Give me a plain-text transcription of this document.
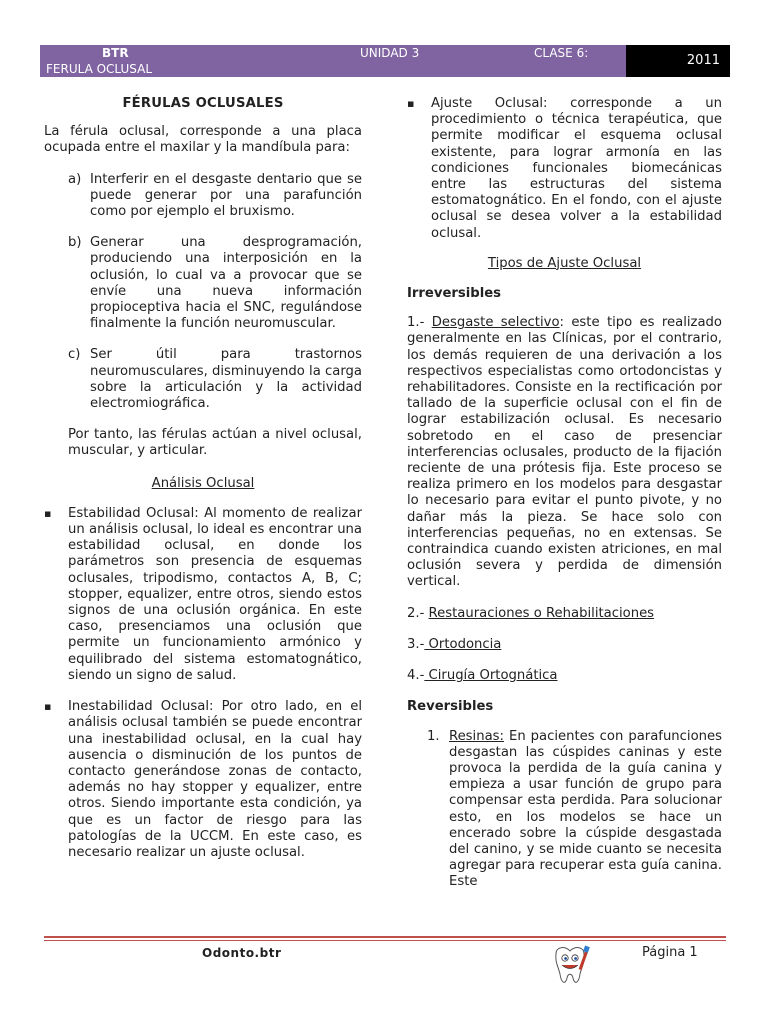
BTR
FERULA OCLUSAL
UNIDAD 3	CLASE 6:	2011

FÉRULAS OCLUSALES

La férula oclusal, corresponde a una placa ocupada entre el maxilar y la mandíbula para:

a) Interferir en el desgaste dentario que se puede generar por una parafunción como por ejemplo el bruxismo.
b) Generar una desprogramación, produciendo una interposición en la oclusión, lo cual va a provocar que se envíe una nueva información propioceptiva hacia el SNC, regulándose finalmente la función neuromuscular.
c) Ser útil para trastornos neuromusculares, disminuyendo la carga sobre la articulación y la actividad electromiográfica.

Por tanto, las férulas actúan a nivel oclusal, muscular, y articular.

Análisis Oclusal

▪ Estabilidad Oclusal: Al momento de realizar un análisis oclusal, lo ideal es encontrar una estabilidad oclusal, en donde los parámetros son presencia de esquemas oclusales, tripodismo, contactos A, B, C; stopper, equalizer, entre otros, siendo estos signos de una oclusión orgánica. En este caso, presenciamos una oclusión que permite un funcionamiento armónico y equilibrado del sistema estomatognático, siendo un signo de salud.
▪ Inestabilidad Oclusal: Por otro lado, en el análisis oclusal también se puede encontrar una inestabilidad oclusal, en la cual hay ausencia o disminución de los puntos de contacto generándose zonas de contacto, además no hay stopper y equalizer, entre otros. Siendo importante esta condición, ya que es un factor de riesgo para las patologías de la UCCM. En este caso, es necesario realizar un ajuste oclusal.
▪ Ajuste Oclusal: corresponde a un procedimiento o técnica terapéutica, que permite modificar el esquema oclusal existente, para lograr armonía en las condiciones funcionales biomecánicas entre las estructuras del sistema estomatognático. En el fondo, con el ajuste oclusal se desea volver a la estabilidad oclusal.

Tipos de Ajuste Oclusal

Irreversibles

1.- Desgaste selectivo: este tipo es realizado generalmente en las Clínicas, por el contrario, los demás requieren de una derivación a los respectivos especialistas como ortodoncistas y rehabilitadores. Consiste en la rectificación por tallado de la superficie oclusal con el fin de lograr estabilización oclusal. Es necesario sobretodo en el caso de presenciar interferencias oclusales, producto de la fijación reciente de una prótesis fija. Este proceso se realiza primero en los modelos para desgastar lo necesario para evitar el punto pivote, y no dañar más la pieza. Se hace solo con interferencias pequeñas, no en extensas. Se contraindica cuando existen atriciones, en mal oclusión severa y perdida de dimensión vertical.

2.- Restauraciones o Rehabilitaciones

3.- Ortodoncia

4.- Cirugía Ortognática

Reversibles

1. Resinas: En pacientes con parafunciones desgastan las cúspides caninas y este provoca la perdida de la guía canina y empieza a usar función de grupo para compensar esta perdida. Para solucionar esto, en los modelos se hace un encerado sobre la cúspide desgastada del canino, y se mide cuanto se necesita agregar para recuperar esta guía canina. Este
Odonto.btr	Página 1
